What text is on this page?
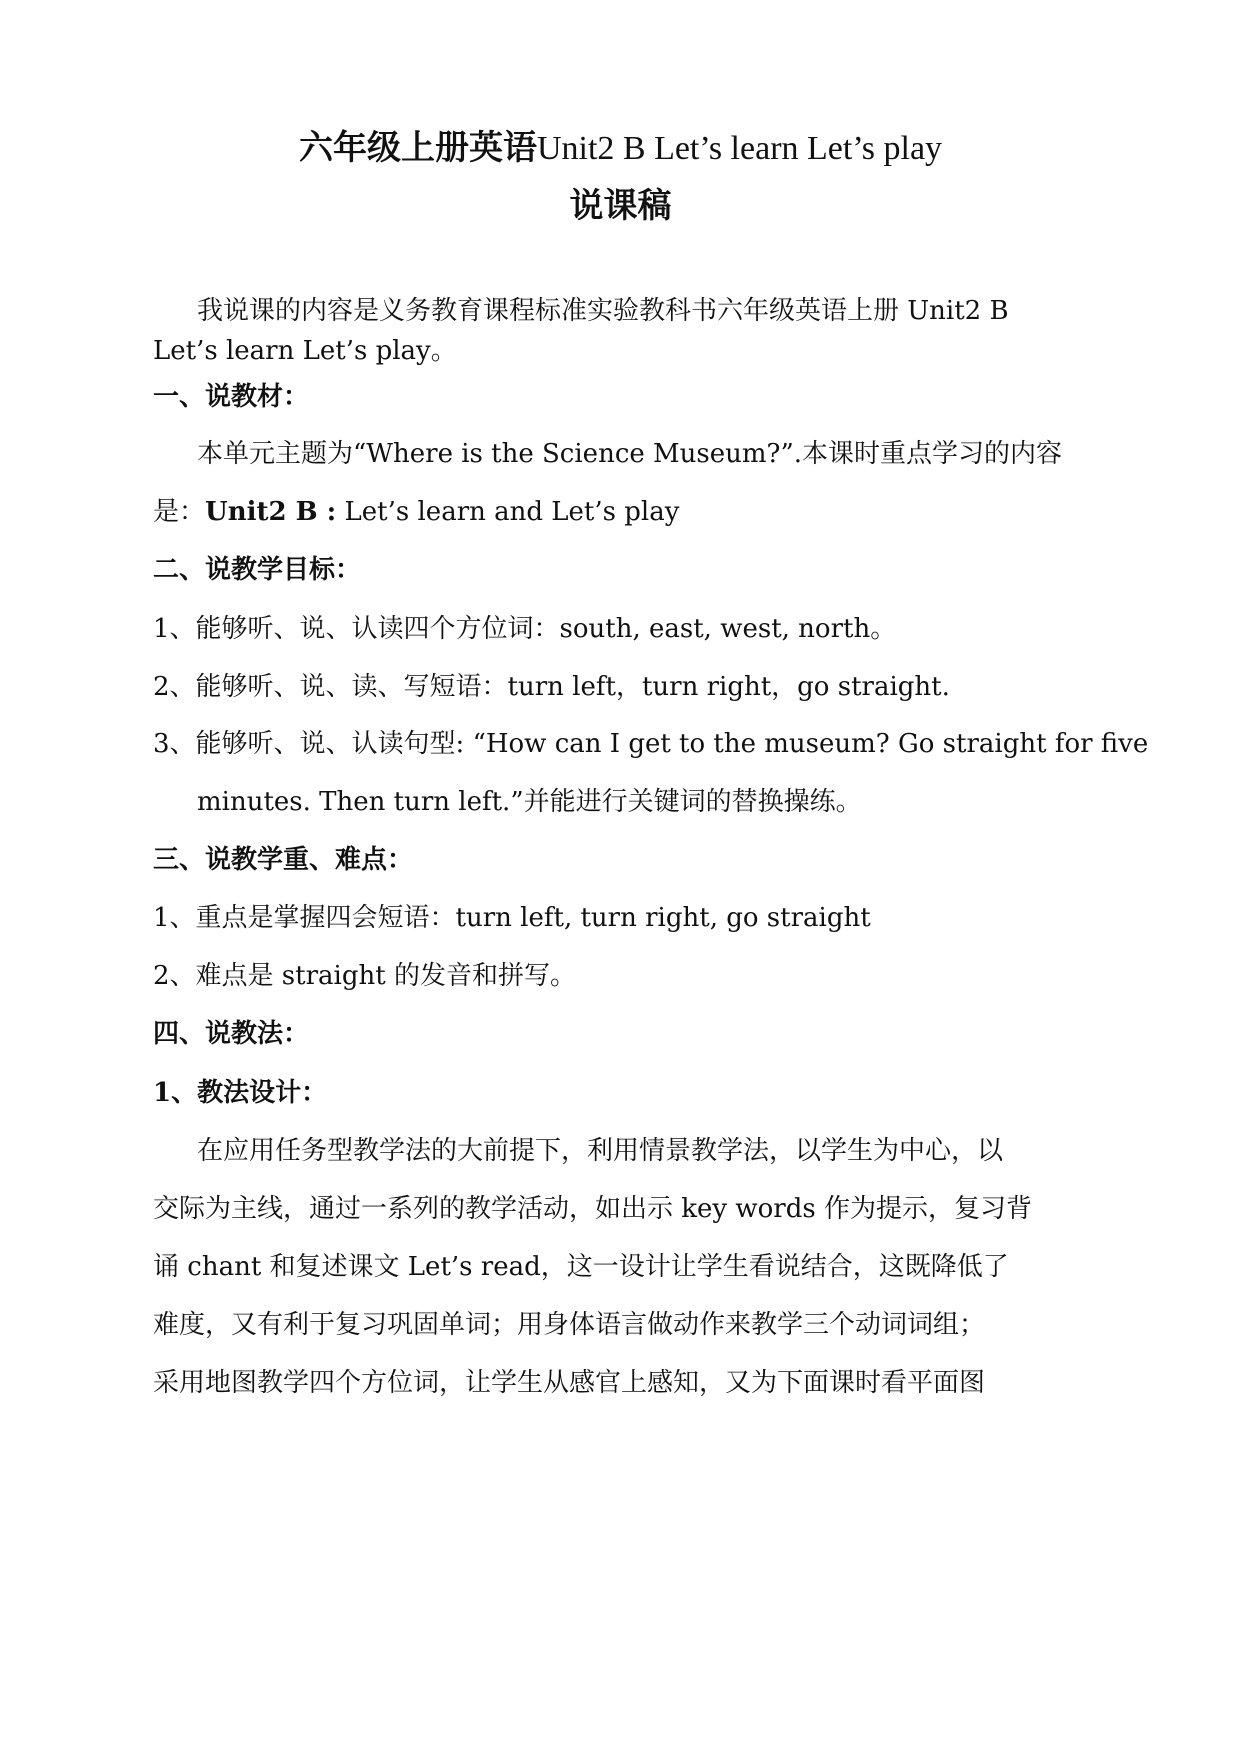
六年级上册英语Unit2 B Let’s learn Let’s play
说课稿
我说课的内容是义务教育课程标准实验教科书六年级英语上册 Unit2 B
Let’s learn Let’s play。
一、说教材：
本单元主题为“Where is the Science Museum?”.本课时重点学习的内容
是：Unit2 B : Let’s learn and Let’s play
二、说教学目标：
1、能够听、说、认读四个方位词：south, east, west, north。
2、能够听、说、读、写短语：turn left，turn right，go straight.
3、能够听、说、认读句型: “How can I get to the museum? Go straight for five
minutes. Then turn left.”并能进行关键词的替换操练。
三、说教学重、难点：
1、重点是掌握四会短语：turn left, turn right, go straight
2、难点是 straight 的发音和拼写。
四、说教法：
1、教法设计：
在应用任务型教学法的大前提下，利用情景教学法，以学生为中心，以
交际为主线，通过一系列的教学活动，如出示 key words 作为提示，复习背
诵 chant 和复述课文 Let’s read，这一设计让学生看说结合，这既降低了
难度，又有利于复习巩固单词；用身体语言做动作来教学三个动词词组；
采用地图教学四个方位词，让学生从感官上感知，又为下面课时看平面图
